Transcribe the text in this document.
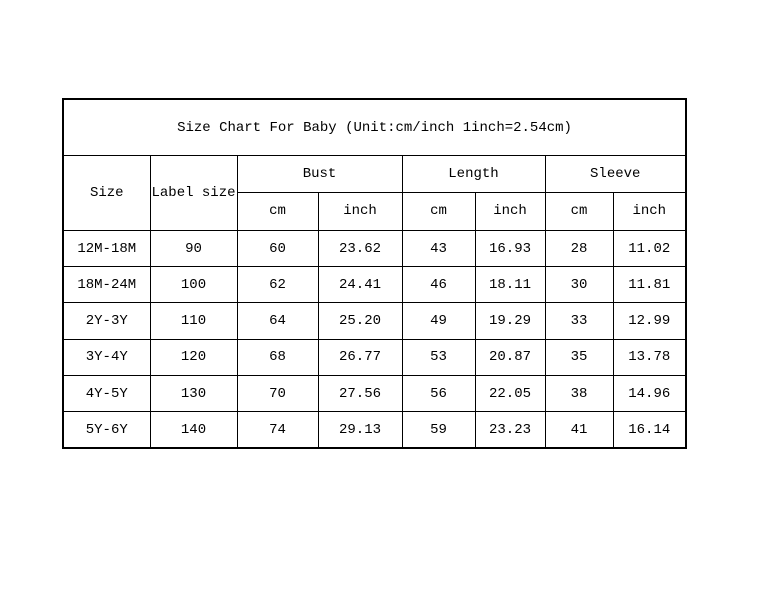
Size Chart For Baby (Unit:cm/inch 1inch=2.54cm)							
Size	Label size	Bust		Length		Sleeve	
		cm	inch	cm	inch	cm	inch
12M-18M	90	60	23.62	43	16.93	28	11.02
18M-24M	100	62	24.41	46	18.11	30	11.81
2Y-3Y	110	64	25.20	49	19.29	33	12.99
3Y-4Y	120	68	26.77	53	20.87	35	13.78
4Y-5Y	130	70	27.56	56	22.05	38	14.96
5Y-6Y	140	74	29.13	59	23.23	41	16.14
